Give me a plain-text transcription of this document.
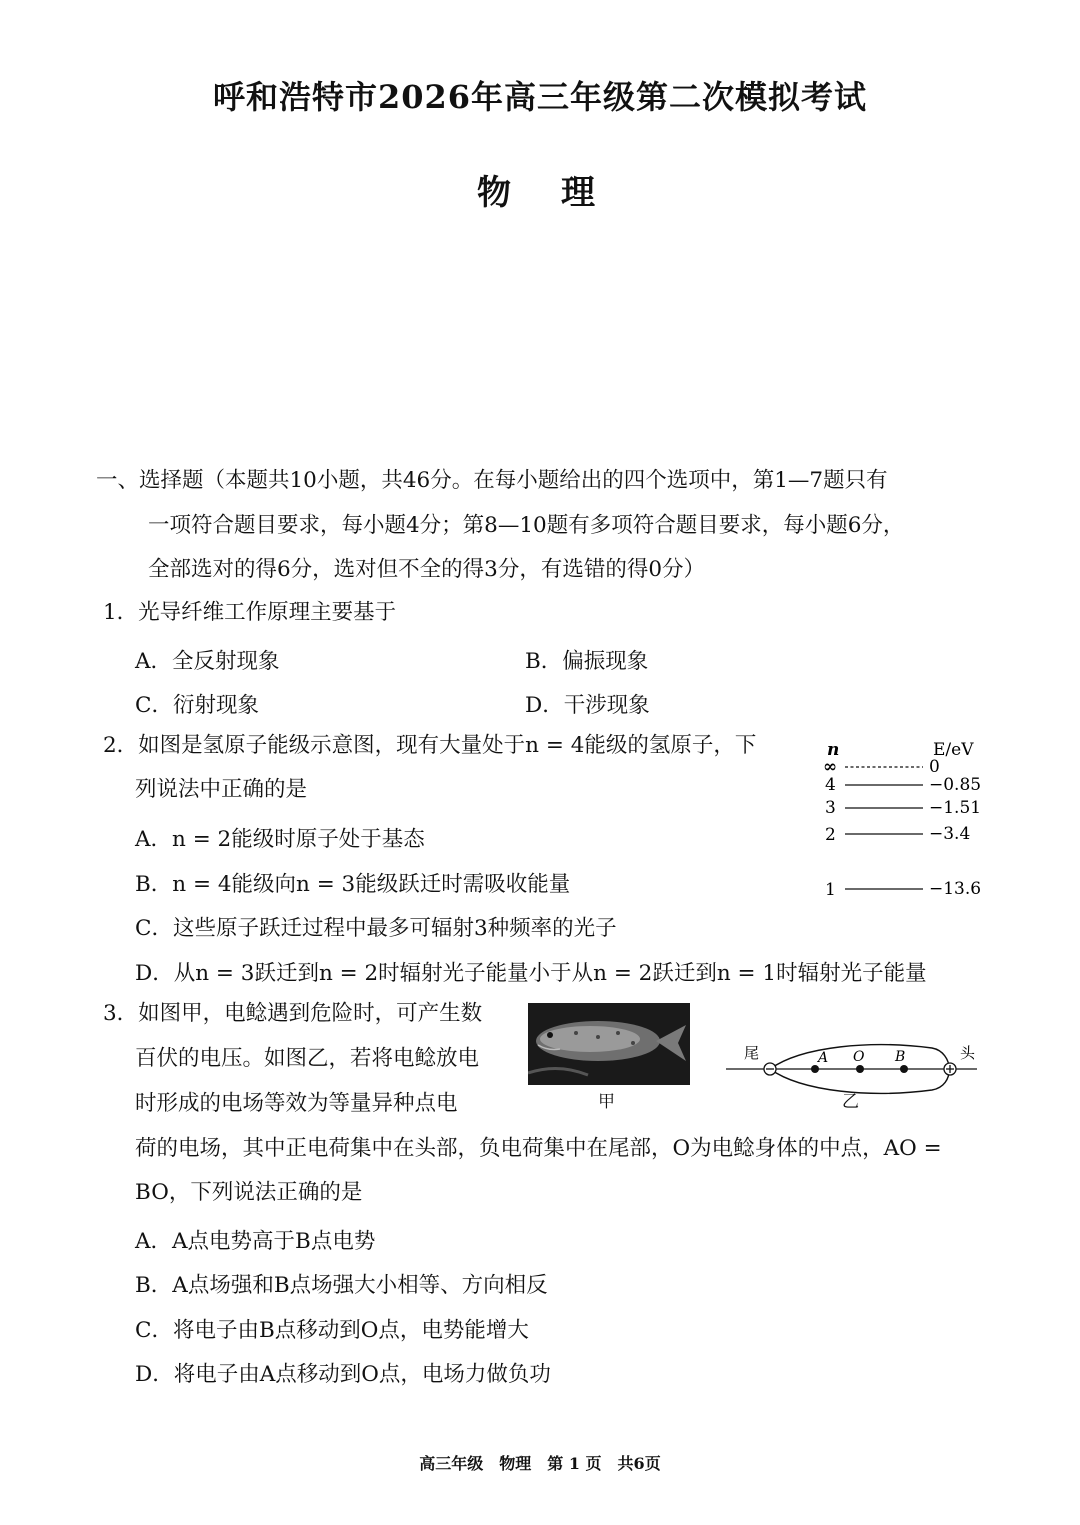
呼和浩特市2026年高三年级第二次模拟考试
物　理
一、选择题（本题共10小题，共46分。在每小题给出的四个选项中，第1—7题只有
一项符合题目要求，每小题4分；第8—10题有多项符合题目要求，每小题6分，
全部选对的得6分，选对但不全的得3分，有选错的得0分）
1．光导纤维工作原理主要基于
A．全反射现象	B．偏振现象
C．衍射现象	D．干涉现象
2．如图是氢原子能级示意图，现有大量处于n = 4能级的氢原子，下
列说法中正确的是
A．n = 2能级时原子处于基态
B．n = 4能级向n = 3能级跃迁时需吸收能量
C．这些原子跃迁过程中最多可辐射3种频率的光子
D．从n = 3跃迁到n = 2时辐射光子能量小于从n = 2跃迁到n = 1时辐射光子能量
n	E/eV
∞	0
4	−0.85
3	−1.51
2	−3.4
1	−13.6
3．如图甲，电鲶遇到危险时，可产生数
百伏的电压。如图乙，若将电鲶放电
时形成的电场等效为等量异种点电
荷的电场，其中正电荷集中在头部，负电荷集中在尾部，O为电鲶身体的中点，AO =
BO，下列说法正确的是
A．A点电势高于B点电势
B．A点场强和B点场强大小相等、方向相反
C．将电子由B点移动到O点，电势能增大
D．将电子由A点移动到O点，电场力做负功
甲
A O B
尾	头
乙
高三年级　物理　第 1 页　共6页
